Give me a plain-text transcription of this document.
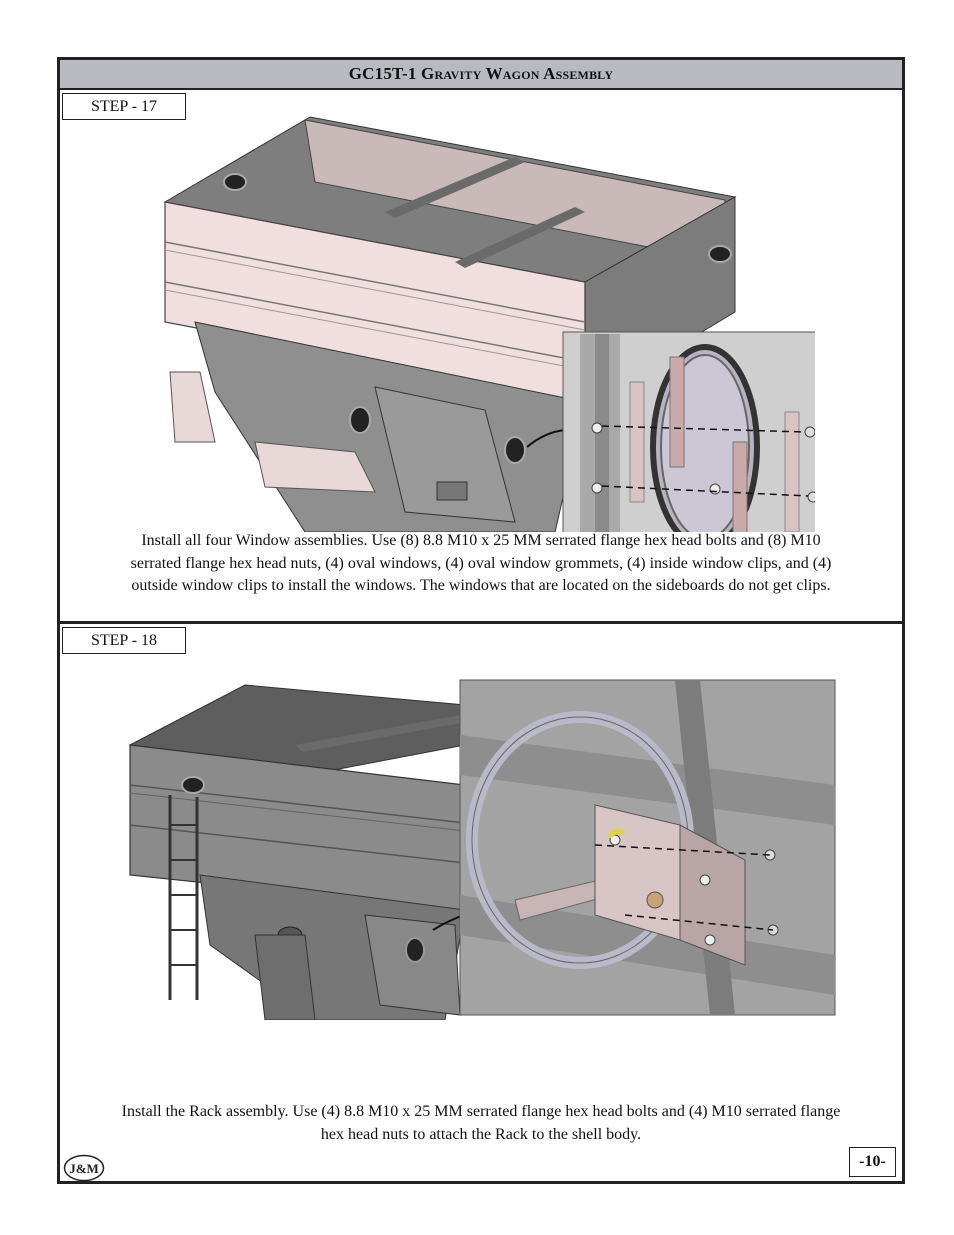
GC15T-1 Gravity Wagon Assembly
STEP - 17
Install all four Window assemblies. Use (8) 8.8 M10 x 25 MM serrated flange hex head bolts and (8) M10 serrated flange hex head nuts, (4) oval windows, (4) oval window grommets, (4) inside window clips, and (4) outside window clips to install the windows. The windows that are located on the sideboards do not get clips.
STEP - 18
Install the Rack assembly. Use (4) 8.8 M10 x 25 MM serrated flange hex head bolts and (4) M10 serrated flange hex head nuts to attach the Rack to the shell body.
J&M	-10-
